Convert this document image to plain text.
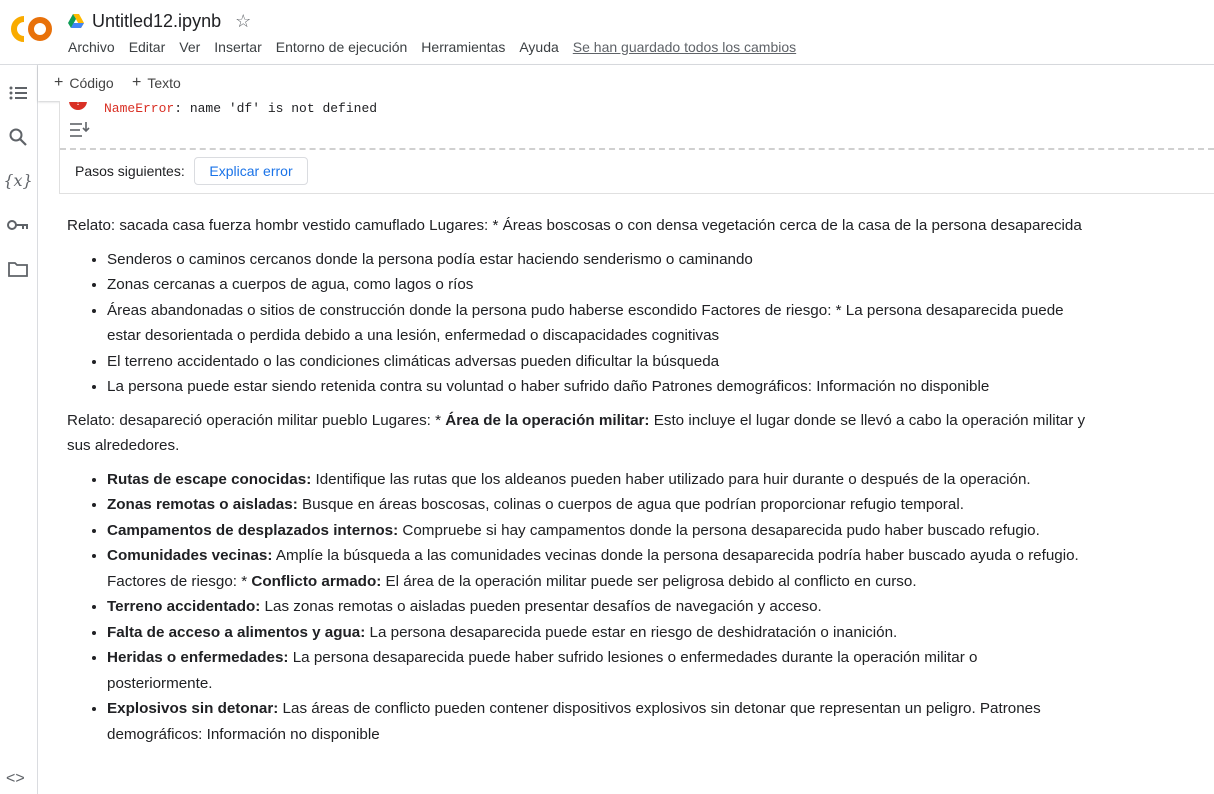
Untitled12.ipynb ☆
Archivo Editar Ver Insertar Entorno de ejecución Herramientas Ayuda Se han guardado todos los cambios
{x}
<>
+ Código + Texto
NameError: name 'df' is not defined
Pasos siguientes:	Explicar error

Relato: sacada casa fuerza hombr vestido camuflado Lugares: * Áreas boscosas o con densa vegetación cerca de la casa de la persona desaparecida

• Senderos o caminos cercanos donde la persona podía estar haciendo senderismo o caminando
• Zonas cercanas a cuerpos de agua, como lagos o ríos
• Áreas abandonadas o sitios de construcción donde la persona pudo haberse escondido Factores de riesgo: * La persona desaparecida puede estar desorientada o perdida debido a una lesión, enfermedad o discapacidades cognitivas
• El terreno accidentado o las condiciones climáticas adversas pueden dificultar la búsqueda
• La persona puede estar siendo retenida contra su voluntad o haber sufrido daño Patrones demográficos: Información no disponible

Relato: desapareció operación militar pueblo Lugares: * Área de la operación militar: Esto incluye el lugar donde se llevó a cabo la operación militar y sus alrededores.

• Rutas de escape conocidas: Identifique las rutas que los aldeanos pueden haber utilizado para huir durante o después de la operación.
• Zonas remotas o aisladas: Busque en áreas boscosas, colinas o cuerpos de agua que podrían proporcionar refugio temporal.
• Campamentos de desplazados internos: Compruebe si hay campamentos donde la persona desaparecida pudo haber buscado refugio.
• Comunidades vecinas: Amplíe la búsqueda a las comunidades vecinas donde la persona desaparecida podría haber buscado ayuda o refugio. Factores de riesgo: * Conflicto armado: El área de la operación militar puede ser peligrosa debido al conflicto en curso.
• Terreno accidentado: Las zonas remotas o aisladas pueden presentar desafíos de navegación y acceso.
• Falta de acceso a alimentos y agua: La persona desaparecida puede estar en riesgo de deshidratación o inanición.
• Heridas o enfermedades: La persona desaparecida puede haber sufrido lesiones o enfermedades durante la operación militar o posteriormente.
• Explosivos sin detonar: Las áreas de conflicto pueden contener dispositivos explosivos sin detonar que representan un peligro. Patrones demográficos: Información no disponible
